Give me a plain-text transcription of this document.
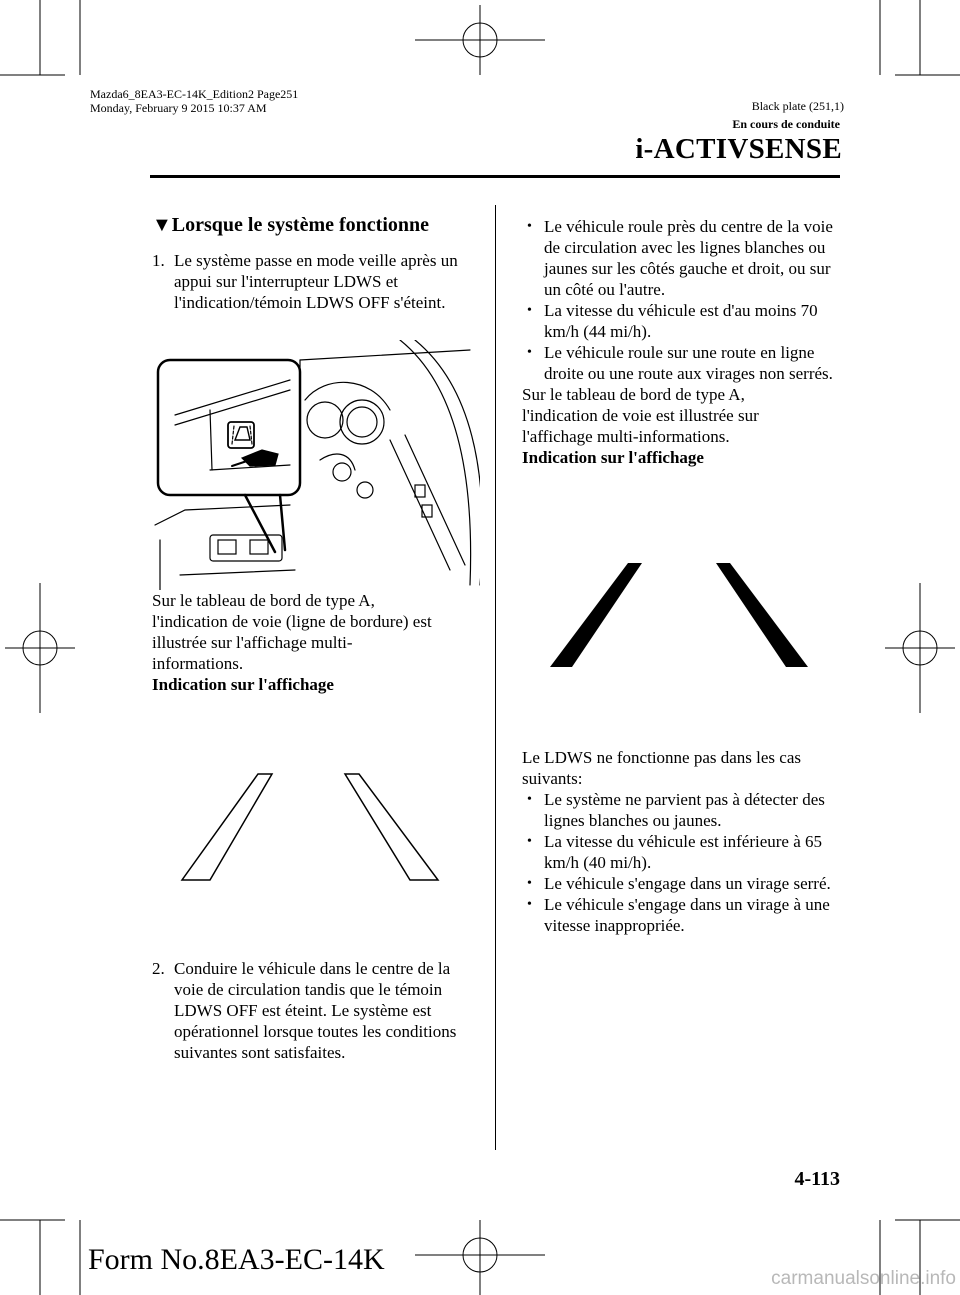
Mazda6_8EA3-EC-14K_Edition2 Page251
Monday, February 9 2015 10:37 AM	Black plate (251,1)
En cours de conduite
i-ACTIVSENSE
▼Lorsque le système fonctionne
1. Le système passe en mode veille après un appui sur l'interrupteur LDWS et l'indication/témoin LDWS OFF s'éteint.
Sur le tableau de bord de type A,
l'indication de voie (ligne de bordure) est
illustrée sur l'affichage multi-
informations.
Indication sur l'affichage
2. Conduire le véhicule dans le centre de la voie de circulation tandis que le témoin LDWS OFF est éteint. Le système est opérationnel lorsque toutes les conditions suivantes sont satisfaites.
• Le véhicule roule près du centre de la voie de circulation avec les lignes blanches ou jaunes sur les côtés gauche et droit, ou sur un côté ou l'autre.
• La vitesse du véhicule est d'au moins 70 km/h (44 mi/h).
• Le véhicule roule sur une route en ligne droite ou une route aux virages non serrés.
Sur le tableau de bord de type A,
l'indication de voie est illustrée sur
l'affichage multi-informations.
Indication sur l'affichage
Le LDWS ne fonctionne pas dans les cas suivants:
• Le système ne parvient pas à détecter des lignes blanches ou jaunes.
• La vitesse du véhicule est inférieure à 65 km/h (40 mi/h).
• Le véhicule s'engage dans un virage serré.
• Le véhicule s'engage dans un virage à une vitesse inappropriée.
4-113
Form No.8EA3-EC-14K
carmanualsonline.info
